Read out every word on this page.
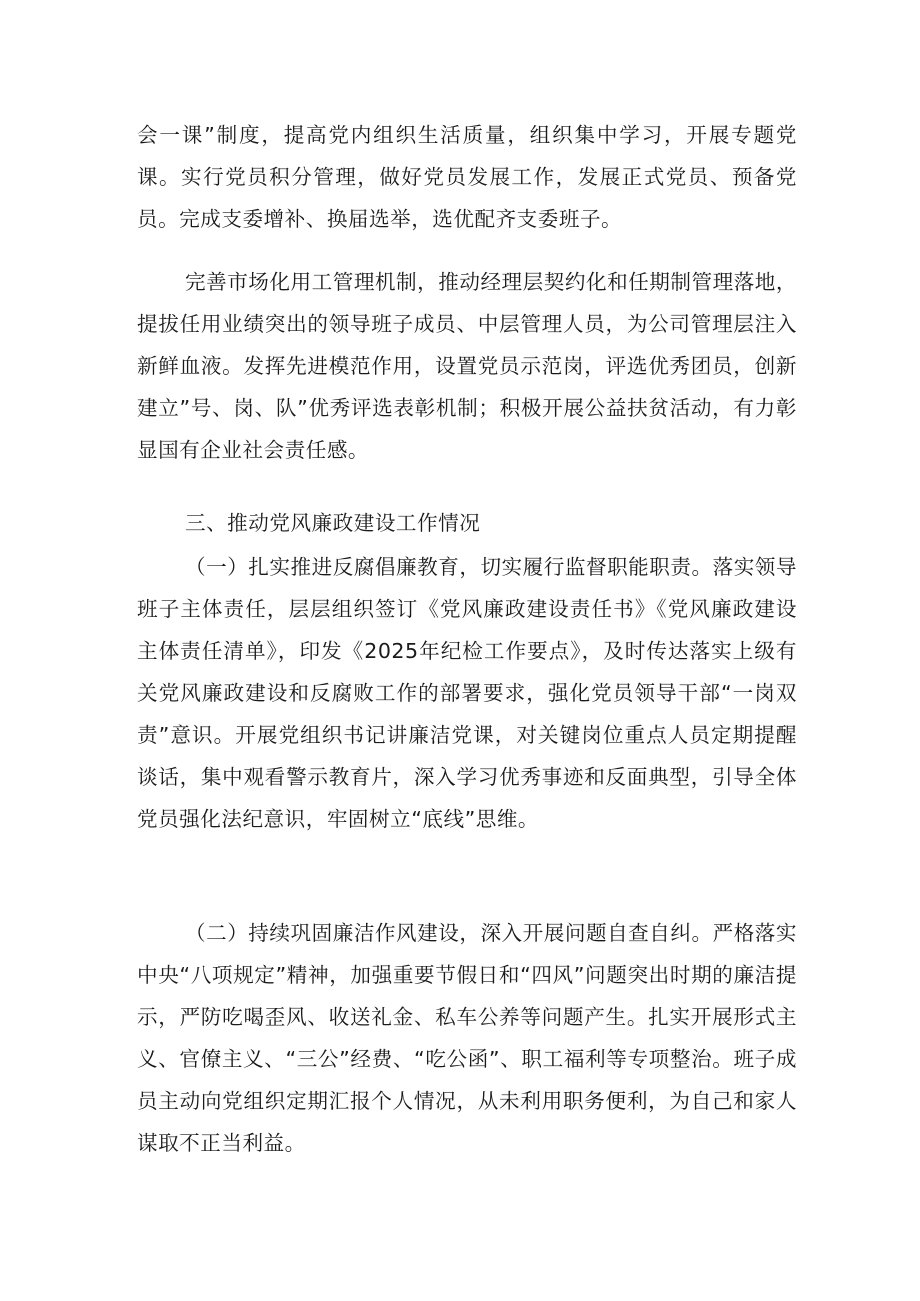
会一课”制度，提高党内组织生活质量，组织集中学习，开展专题党课。实行党员积分管理，做好党员发展工作，发展正式党员、预备党员。完成支委增补、换届选举，选优配齐支委班子。

完善市场化用工管理机制，推动经理层契约化和任期制管理落地，提拔任用业绩突出的领导班子成员、中层管理人员，为公司管理层注入新鲜血液。发挥先进模范作用，设置党员示范岗，评选优秀团员，创新建立”号、岗、队”优秀评选表彰机制；积极开展公益扶贫活动，有力彰显国有企业社会责任感。

三、推动党风廉政建设工作情况

（一）扎实推进反腐倡廉教育，切实履行监督职能职责。落实领导班子主体责任，层层组织签订《党风廉政建设责任书》《党风廉政建设主体责任清单》，印发《2025年纪检工作要点》，及时传达落实上级有关党风廉政建设和反腐败工作的部署要求，强化党员领导干部“一岗双责”意识。开展党组织书记讲廉洁党课，对关键岗位重点人员定期提醒谈话，集中观看警示教育片，深入学习优秀事迹和反面典型，引导全体党员强化法纪意识，牢固树立“底线”思维。

（二）持续巩固廉洁作风建设，深入开展问题自查自纠。严格落实中央“八项规定”精神，加强重要节假日和“四风”问题突出时期的廉洁提示，严防吃喝歪风、收送礼金、私车公养等问题产生。扎实开展形式主义、官僚主义、“三公”经费、“吃公函”、职工福利等专项整治。班子成员主动向党组织定期汇报个人情况，从未利用职务便利，为自己和家人谋取不正当利益。
